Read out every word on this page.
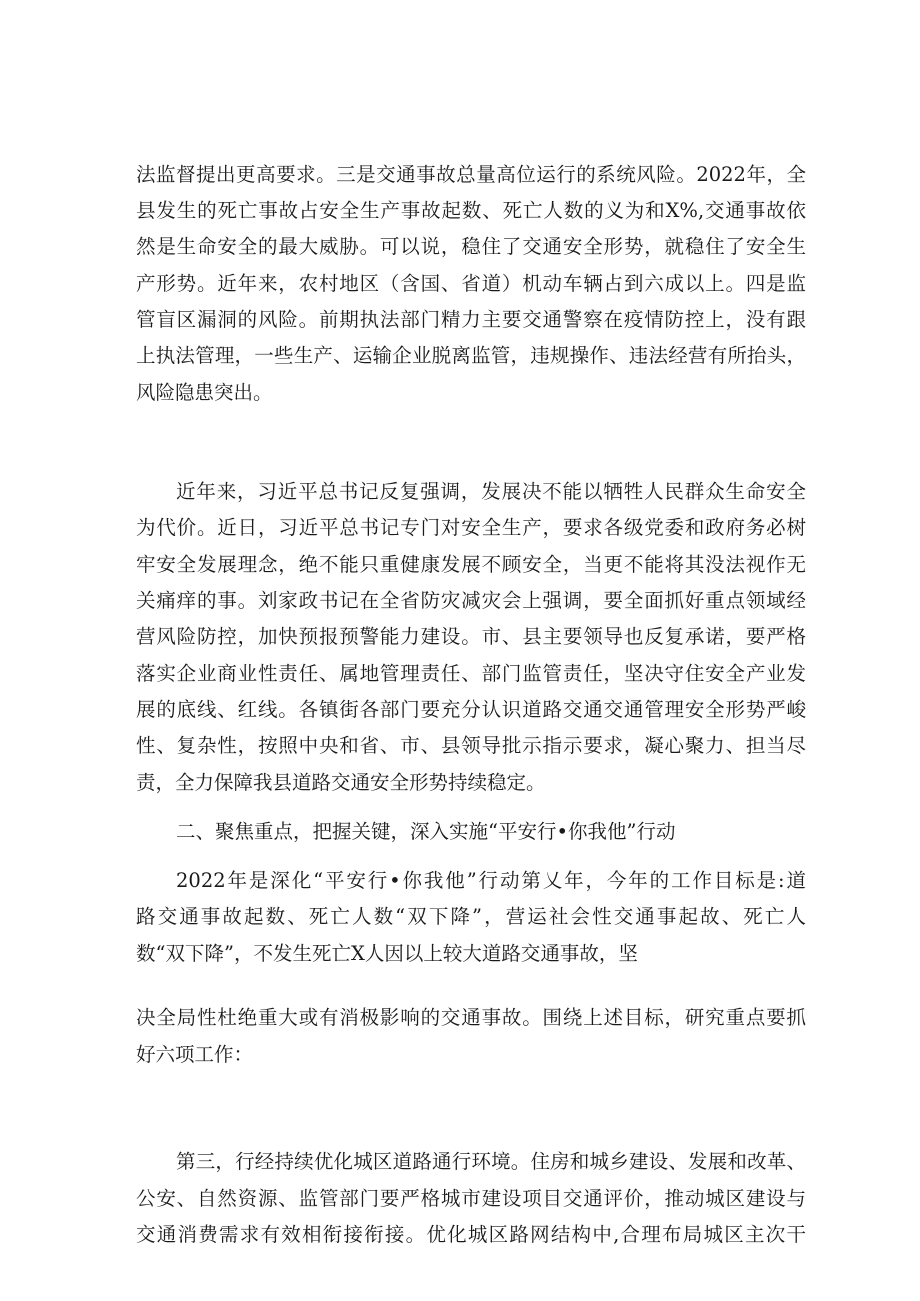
法监督提出更高要求。三是交通事故总量高位运行的系统风险。2022年，全
县发生的死亡事故占安全生产事故起数、死亡人数的义为和X%,交通事故依
然是生命安全的最大威胁。可以说，稳住了交通安全形势，就稳住了安全生
产形势。近年来，农村地区（含国、省道）机动车辆占到六成以上。四是监
管盲区漏洞的风险。前期执法部门精力主要交通警察在疫情防控上，没有跟
上执法管理，一些生产、运输企业脱离监管，违规操作、违法经营有所抬头，
风险隐患突出。
近年来，习近平总书记反复强调，发展决不能以牺牲人民群众生命安全
为代价。近日，习近平总书记专门对安全生产，要求各级党委和政府务必树
牢安全发展理念，绝不能只重健康发展不顾安全，当更不能将其没法视作无
关痛痒的事。刘家政书记在全省防灾减灾会上强调，要全面抓好重点领域经
营风险防控，加快预报预警能力建设。市、县主要领导也反复承诺，要严格
落实企业商业性责任、属地管理责任、部门监管责任，坚决守住安全产业发
展的底线、红线。各镇街各部门要充分认识道路交通交通管理安全形势严峻
性、复杂性，按照中央和省、市、县领导批示指示要求，凝心聚力、担当尽
责，全力保障我县道路交通安全形势持续稳定。
二、聚焦重点，把握关键，深入实施“平安行•你我他”行动
2022年是深化“平安行•你我他”行动第乂年，今年的工作目标是:道
路交通事故起数、死亡人数“双下降”，营运社会性交通事起故、死亡人
数“双下降”，不发生死亡X人因以上较大道路交通事故，坚
决全局性杜绝重大或有消极影响的交通事故。围绕上述目标，研究重点要抓
好六项工作：
第三，行经持续优化城区道路通行环境。住房和城乡建设、发展和改革、
公安、自然资源、监管部门要严格城市建设项目交通评价，推动城区建设与
交通消费需求有效相衔接衔接。优化城区路网结构中,合理布局城区主次干
